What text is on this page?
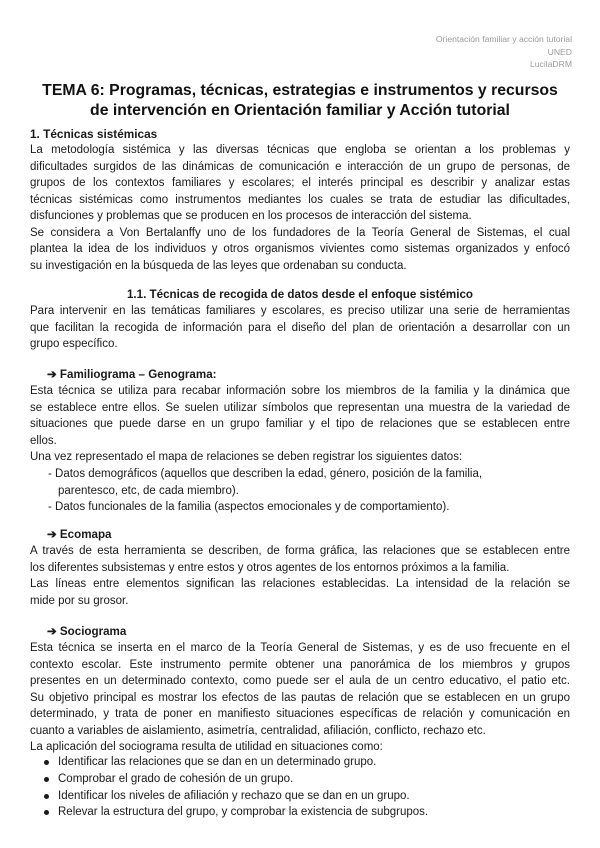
Orientación familiar y acción tutorial
UNED
LucilaDRM
TEMA 6: Programas, técnicas, estrategias e instrumentos y recursos
de intervención en Orientación familiar y Acción tutorial
1. Técnicas sistémicas
La metodología sistémica y las diversas técnicas que engloba se orientan a los problemas y
dificultades surgidos de las dinámicas de comunicación e interacción de un grupo de personas, de
grupos de los contextos familiares y escolares; el interés principal es describir y analizar estas
técnicas sistémicas como instrumentos mediantes los cuales se trata de estudiar las dificultades,
disfunciones y problemas que se producen en los procesos de interacción del sistema.
Se considera a Von Bertalanffy uno de los fundadores de la Teoría General de Sistemas, el cual
plantea la idea de los individuos y otros organismos vivientes como sistemas organizados y enfocó
su investigación en la búsqueda de las leyes que ordenaban su conducta.
1.1. Técnicas de recogida de datos desde el enfoque sistémico
Para intervenir en las temáticas familiares y escolares, es preciso utilizar una serie de herramientas
que facilitan la recogida de información para el diseño del plan de orientación a desarrollar con un
grupo específico.
➔ Familiograma – Genograma:
Esta técnica se utiliza para recabar información sobre los miembros de la familia y la dinámica que
se establece entre ellos. Se suelen utilizar símbolos que representan una muestra de la variedad de
situaciones que puede darse en un grupo familiar y el tipo de relaciones que se establecen entre
ellos.
Una vez representado el mapa de relaciones se deben registrar los siguientes datos:
- Datos demográficos (aquellos que describen la edad, género, posición de la familia,
parentesco, etc, de cada miembro).
- Datos funcionales de la familia (aspectos emocionales y de comportamiento).
➔ Ecomapa
A través de esta herramienta se describen, de forma gráfica, las relaciones que se establecen entre
los diferentes subsistemas y entre estos y otros agentes de los entornos próximos a la familia.
Las líneas entre elementos significan las relaciones establecidas. La intensidad de la relación se
mide por su grosor.
➔ Sociograma
Esta técnica se inserta en el marco de la Teoría General de Sistemas, y es de uso frecuente en el
contexto escolar. Este instrumento permite obtener una panorámica de los miembros y grupos
presentes en un determinado contexto, como puede ser el aula de un centro educativo, el patio etc.
Su objetivo principal es mostrar los efectos de las pautas de relación que se establecen en un grupo
determinado, y trata de poner en manifiesto situaciones específicas de relación y comunicación en
cuanto a variables de aislamiento, asimetría, centralidad, afiliación, conflicto, rechazo etc.
La aplicación del sociograma resulta de utilidad en situaciones como:
Identificar las relaciones que se dan en un determinado grupo.
Comprobar el grado de cohesión de un grupo.
Identificar los niveles de afiliación y rechazo que se dan en un grupo.
Relevar la estructura del grupo, y comprobar la existencia de subgrupos.
